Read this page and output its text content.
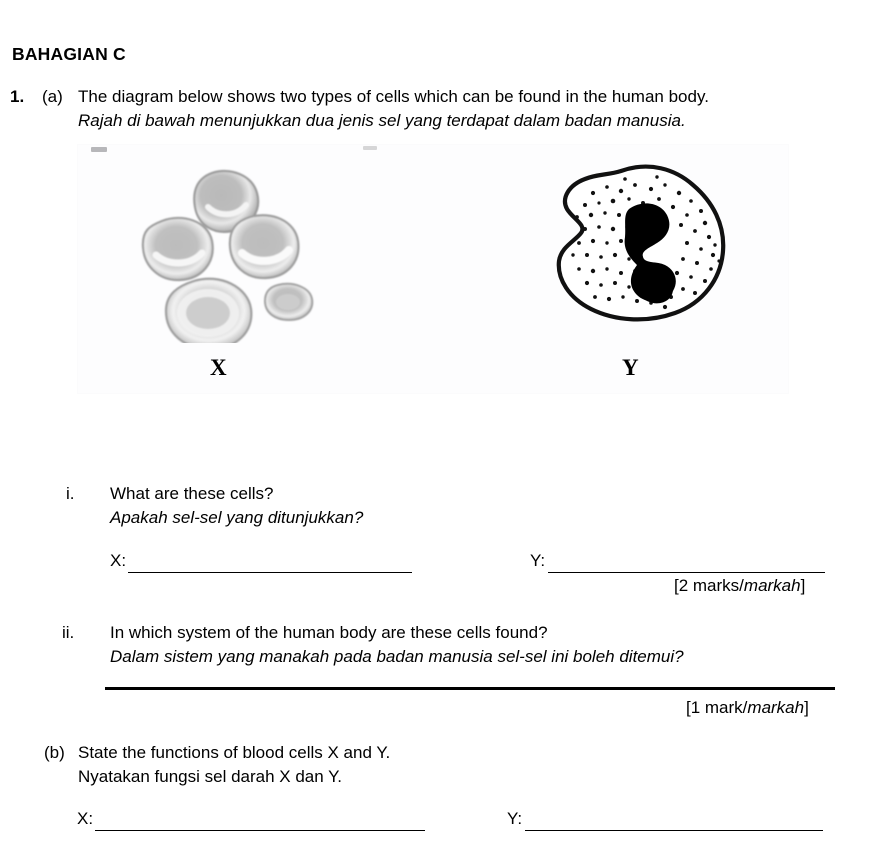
BAHAGIAN C
1. (a) The diagram below shows two types of cells which can be found in the human body.
Rajah di bawah menunjukkan dua jenis sel yang terdapat dalam badan manusia.
X	Y
i. What are these cells?
Apakah sel-sel yang ditunjukkan?
X:	Y:
[2 marks/markah]
ii. In which system of the human body are these cells found?
Dalam sistem yang manakah pada badan manusia sel-sel ini boleh ditemui?
[1 mark/markah]
(b) State the functions of blood cells X and Y.
Nyatakan fungsi sel darah X dan Y.
X:	Y:
